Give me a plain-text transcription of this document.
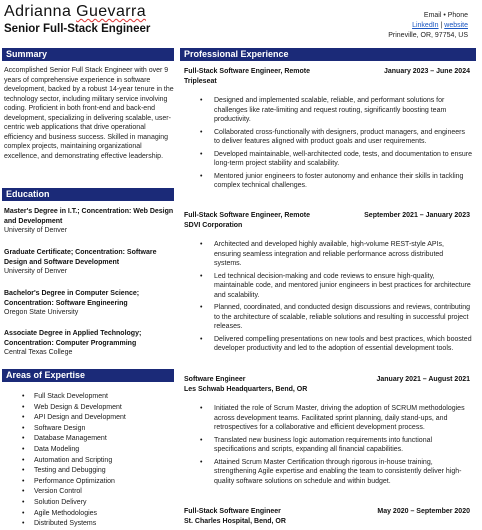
Adrianna Guevarra
Senior Full-Stack Engineer
Email • Phone
LinkedIn | website
Prineville, OR, 97754, US
Summary
Accomplished Senior Full Stack Engineer with over 9 years of comprehensive experience in software development, backed by a robust 14-year tenure in the technology sector, including military service involving coding. Proficient in both front-end and back-end development, specializing in delivering scalable, user-centric web applications that drive operational efficiency and business success. Skilled in managing complex projects, maintaining organizational excellence, and demonstrating effective leadership.
Education
Master's Degree in I.T.; Concentration: Web Design and Development
University of Denver
Graduate Certificate; Concentration: Software Design and Software Development
University of Denver
Bachelor's Degree in Computer Science; Concentration: Software Engineering
Oregon State University
Associate Degree in Applied Technology; Concentration: Computer Programming
Central Texas College
Areas of Expertise
• Full Stack Development
• Web Design & Development
• API Design and Development
• Software Design
• Database Management
• Data Modeling
• Automation and Scripting
• Testing and Debugging
• Performance Optimization
• Version Control
• Solution Delivery
• Agile Methodologies
• Distributed Systems
Professional Experience
Full-Stack Software Engineer, Remote	January 2023 – June 2024
Tripleseat
• Designed and implemented scalable, reliable, and performant solutions for challenges like rate-limiting and request routing, significantly boosting team productivity.
• Collaborated cross-functionally with designers, product managers, and engineers to deliver features aligned with product goals and user requirements.
• Developed maintainable, well-architected code, tests, and documentation to ensure long-term project stability and scalability.
• Mentored junior engineers to foster autonomy and enhance their skills in tackling complex technical challenges.
Full-Stack Software Engineer, Remote	September 2021 – January 2023
SDVI Corporation
• Architected and developed highly available, high-volume REST-style APIs, ensuring seamless integration and reliable performance across distributed systems.
• Led technical decision-making and code reviews to ensure high-quality, maintainable code, and mentored junior engineers in best practices for architecture and scalability.
• Planned, coordinated, and conducted design discussions and reviews, contributing to the architecture of scalable, reliable solutions and resulting in successful project releases.
• Delivered compelling presentations on new tools and best practices, which boosted developer productivity and led to the adoption of essential development tools.
Software Engineer	January 2021 – August 2021
Les Schwab Headquarters, Bend, OR
• Initiated the role of Scrum Master, driving the adoption of SCRUM methodologies across development teams. Facilitated sprint planning, daily stand-ups, and retrospectives for a collaborative and efficient development process.
• Translated new business logic automation requirements into functional specifications and scripts, expanding all financial capabilities.
• Attained Scrum Master Certification through rigorous in-house training, strengthening Agile expertise and enabling the team to consistently deliver high-quality software solutions on schedule and within budget.
Full-Stack Software Engineer	May 2020 – September 2020
St. Charles Hospital, Bend, OR
